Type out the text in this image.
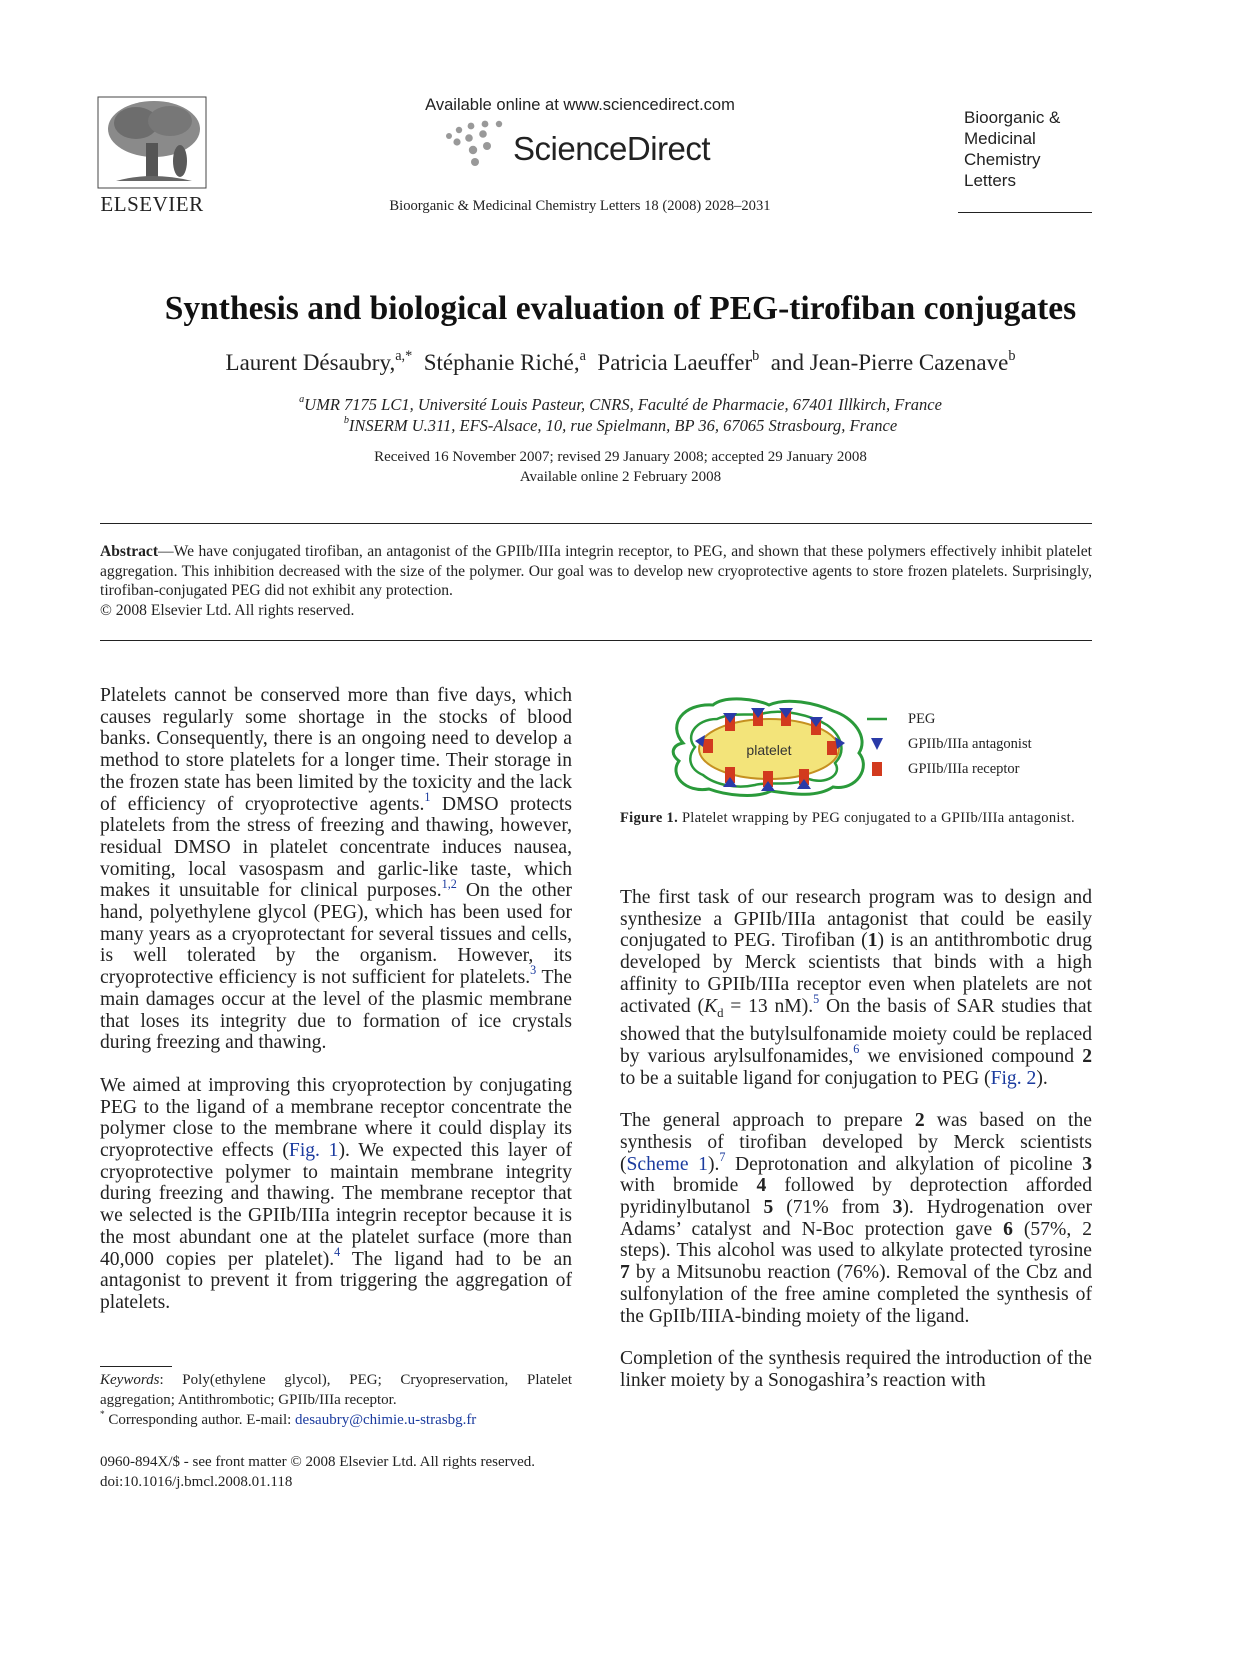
ELSEVIER
Available online at www.sciencedirect.com
ScienceDirect
Bioorganic & Medicinal Chemistry Letters 18 (2008) 2028–2031
Bioorganic &
Medicinal
Chemistry
Letters
Synthesis and biological evaluation of PEG-tirofiban conjugates
Laurent Désaubry,$^{a,*}$ Stéphanie Riché,$^a$ Patricia Laeuffer$^b$ and Jean-Pierre Cazenave$^b$
$^a$UMR 7175 LC1, Université Louis Pasteur, CNRS, Faculté de Pharmacie, 67401 Illkirch, France
$^b$INSERM U.311, EFS-Alsace, 10, rue Spielmann, BP 36, 67065 Strasbourg, France
Received 16 November 2007; revised 29 January 2008; accepted 29 January 2008
Available online 2 February 2008
Abstract—We have conjugated tirofiban, an antagonist of the GPIIb/IIIa integrin receptor, to PEG, and shown that these polymers effectively inhibit platelet aggregation. This inhibition decreased with the size of the polymer. Our goal was to develop new cryoprotective agents to store frozen platelets. Surprisingly, tirofiban-conjugated PEG did not exhibit any protection.
© 2008 Elsevier Ltd. All rights reserved.

Platelets cannot be conserved more than five days, which causes regularly some shortage in the stocks of blood banks. Consequently, there is an ongoing need to develop a method to store platelets for a longer time. Their storage in the frozen state has been limited by the toxicity and the lack of efficiency of cryoprotective agents.$^1$ DMSO protects platelets from the stress of freezing and thawing, however, residual DMSO in platelet concentrate induces nausea, vomiting, local vasospasm and garlic-like taste, which makes it unsuitable for clinical purposes.$^{1,2}$ On the other hand, polyethylene glycol (PEG), which has been used for many years as a cryoprotectant for several tissues and cells, is well tolerated by the organism. However, its cryoprotective efficiency is not sufficient for platelets.$^3$ The main damages occur at the level of the plasmic membrane that loses its integrity due to formation of ice crystals during freezing and thawing.

We aimed at improving this cryoprotection by conjugating PEG to the ligand of a membrane receptor concentrate the polymer close to the membrane where it could display its cryoprotective effects (Fig. 1). We expected this layer of cryoprotective polymer to maintain membrane integrity during freezing and thawing. The membrane receptor that we selected is the GPIIb/IIIa integrin receptor because it is the most abundant one at the platelet surface (more than 40,000 copies per platelet).$^4$ The ligand had to be an antagonist to prevent it from triggering the aggregation of platelets.

Keywords: Poly(ethylene glycol), PEG; Cryopreservation, Platelet aggregation; Antithrombotic; GPIIb/IIIa receptor.
* Corresponding author. E-mail: desaubry@chimie.u-strasbg.fr
0960-894X/$ - see front matter © 2008 Elsevier Ltd. All rights reserved.
doi:10.1016/j.bmcl.2008.01.118
platelet
PEG
GPIIb/IIIa antagonist
GPIIb/IIIa receptor
Figure 1. Platelet wrapping by PEG conjugated to a GPIIb/IIIa antagonist.

The first task of our research program was to design and synthesize a GPIIb/IIIa antagonist that could be easily conjugated to PEG. Tirofiban (1) is an antithrombotic drug developed by Merck scientists that binds with a high affinity to GPIIb/IIIa receptor even when platelets are not activated ($K_d = 13$ nM).$^5$ On the basis of SAR studies that showed that the butylsulfonamide moiety could be replaced by various arylsulfonamides,$^6$ we envisioned compound 2 to be a suitable ligand for conjugation to PEG (Fig. 2).

The general approach to prepare 2 was based on the synthesis of tirofiban developed by Merck scientists (Scheme 1).$^7$ Deprotonation and alkylation of picoline 3 with bromide 4 followed by deprotection afforded pyridinylbutanol 5 (71% from 3). Hydrogenation over Adams’ catalyst and N-Boc protection gave 6 (57%, 2 steps). This alcohol was used to alkylate protected tyrosine 7 by a Mitsunobu reaction (76%). Removal of the Cbz and sulfonylation of the free amine completed the synthesis of the GpIIb/IIIA-binding moiety of the ligand.

Completion of the synthesis required the introduction of the linker moiety by a Sonogashira’s reaction with
